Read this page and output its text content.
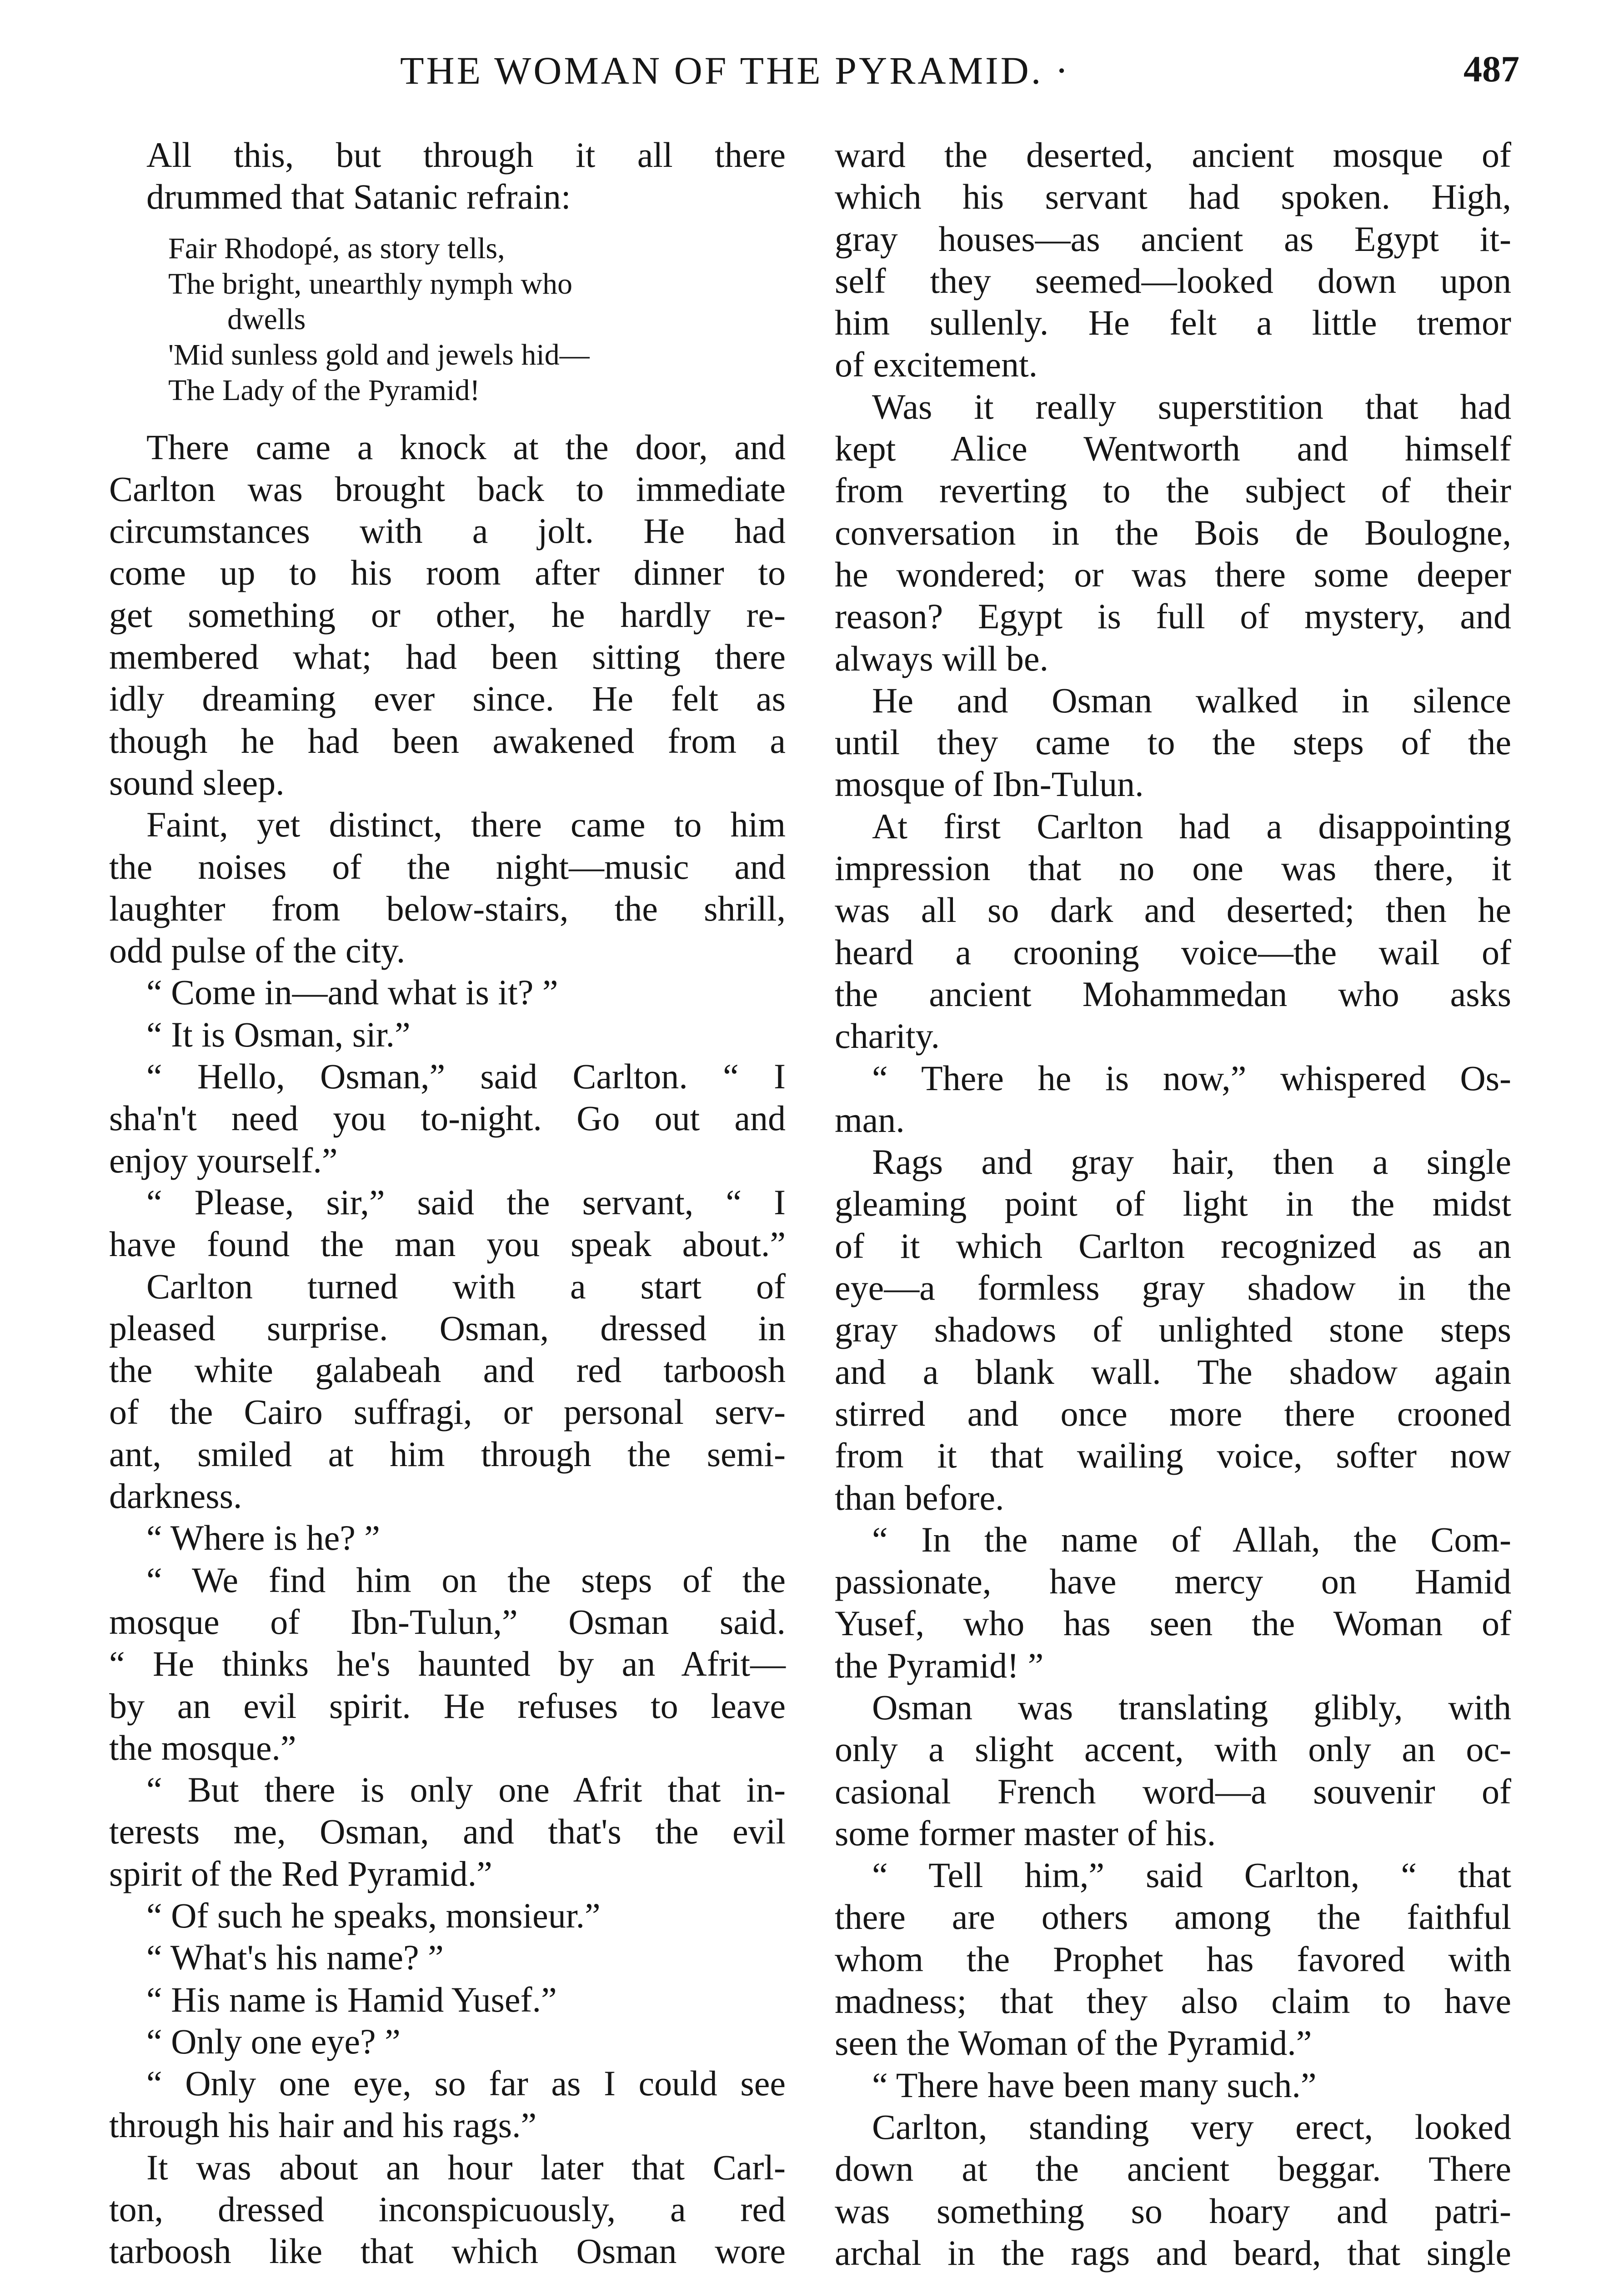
THE WOMAN OF THE PYRAMID. ·	487
All this, but through it all there
drummed that Satanic refrain:
Fair Rhodopé, as story tells,
The bright, unearthly nymph who
dwells
'Mid sunless gold and jewels hid—
The Lady of the Pyramid!
There came a knock at the door, and
Carlton was brought back to immediate
circumstances with a jolt. He had
come up to his room after dinner to
get something or other, he hardly re-
membered what; had been sitting there
idly dreaming ever since. He felt as
though he had been awakened from a
sound sleep.
Faint, yet distinct, there came to him
the noises of the night—music and
laughter from below-stairs, the shrill,
odd pulse of the city.
“ Come in—and what is it? ”
“ It is Osman, sir.”
“ Hello, Osman,” said Carlton. “ I
sha'n't need you to-night. Go out and
enjoy yourself.”
“ Please, sir,” said the servant, “ I
have found the man you speak about.”
Carlton turned with a start of
pleased surprise. Osman, dressed in
the white galabeah and red tarboosh
of the Cairo suffragi, or personal serv-
ant, smiled at him through the semi-
darkness.
“ Where is he? ”
“ We find him on the steps of the
mosque of Ibn-Tulun,” Osman said.
“ He thinks he's haunted by an Afrit—
by an evil spirit. He refuses to leave
the mosque.”
“ But there is only one Afrit that in-
terests me, Osman, and that's the evil
spirit of the Red Pyramid.”
“ Of such he speaks, monsieur.”
“ What's his name? ”
“ His name is Hamid Yusef.”
“ Only one eye? ”
“ Only one eye, so far as I could see
through his hair and his rags.”
It was about an hour later that Carl-
ton, dressed inconspicuously, a red
tarboosh like that which Osman wore
ward the deserted, ancient mosque of
which his servant had spoken. High,
gray houses—as ancient as Egypt it-
self they seemed—looked down upon
him sullenly. He felt a little tremor
of excitement.
Was it really superstition that had
kept Alice Wentworth and himself
from reverting to the subject of their
conversation in the Bois de Boulogne,
he wondered; or was there some deeper
reason? Egypt is full of mystery, and
always will be.
He and Osman walked in silence
until they came to the steps of the
mosque of Ibn-Tulun.
At first Carlton had a disappointing
impression that no one was there, it
was all so dark and deserted; then he
heard a crooning voice—the wail of
the ancient Mohammedan who asks
charity.
“ There he is now,” whispered Os-
man.
Rags and gray hair, then a single
gleaming point of light in the midst
of it which Carlton recognized as an
eye—a formless gray shadow in the
gray shadows of unlighted stone steps
and a blank wall. The shadow again
stirred and once more there crooned
from it that wailing voice, softer now
than before.
“ In the name of Allah, the Com-
passionate, have mercy on Hamid
Yusef, who has seen the Woman of
the Pyramid! ”
Osman was translating glibly, with
only a slight accent, with only an oc-
casional French word—a souvenir of
some former master of his.
“ Tell him,” said Carlton, “ that
there are others among the faithful
whom the Prophet has favored with
madness; that they also claim to have
seen the Woman of the Pyramid.”
“ There have been many such.”
Carlton, standing very erect, looked
down at the ancient beggar. There
was something so hoary and patri-
archal in the rags and beard, that single
